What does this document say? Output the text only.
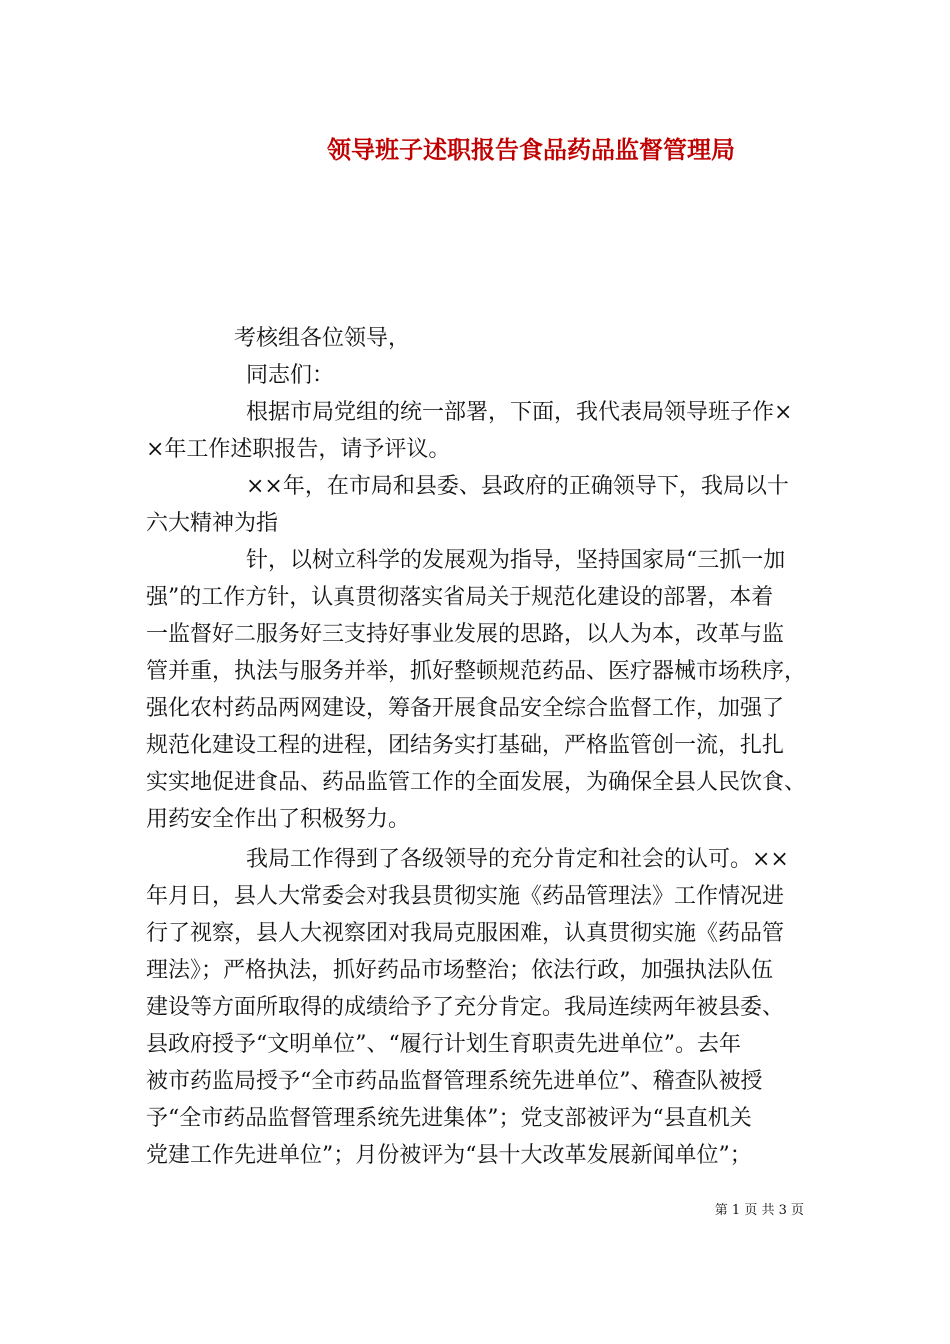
领导班子述职报告食品药品监督管理局
考核组各位领导，
同志们：
根据市局党组的统一部署，下面，我代表局领导班子作×
×年工作述职报告，请予评议。
××年，在市局和县委、县政府的正确领导下，我局以十
六大精神为指
针，以树立科学的发展观为指导，坚持国家局“三抓一加
强”的工作方针，认真贯彻落实省局关于规范化建设的部署，本着
一监督好二服务好三支持好事业发展的思路，以人为本，改革与监
管并重，执法与服务并举，抓好整顿规范药品、医疗器械市场秩序，
强化农村药品两网建设，筹备开展食品安全综合监督工作，加强了
规范化建设工程的进程，团结务实打基础，严格监管创一流，扎扎
实实地促进食品、药品监管工作的全面发展，为确保全县人民饮食、
用药安全作出了积极努力。
我局工作得到了各级领导的充分肯定和社会的认可。××
年月日，县人大常委会对我县贯彻实施《药品管理法》工作情况进
行了视察，县人大视察团对我局克服困难，认真贯彻实施《药品管
理法》；严格执法，抓好药品市场整治；依法行政，加强执法队伍
建设等方面所取得的成绩给予了充分肯定。我局连续两年被县委、
县政府授予“文明单位”、“履行计划生育职责先进单位”。去年
被市药监局授予“全市药品监督管理系统先进单位”、稽查队被授
予“全市药品监督管理系统先进集体”；党支部被评为“县直机关
党建工作先进单位”；月份被评为“县十大改革发展新闻单位”；
第 1 页 共 3 页
